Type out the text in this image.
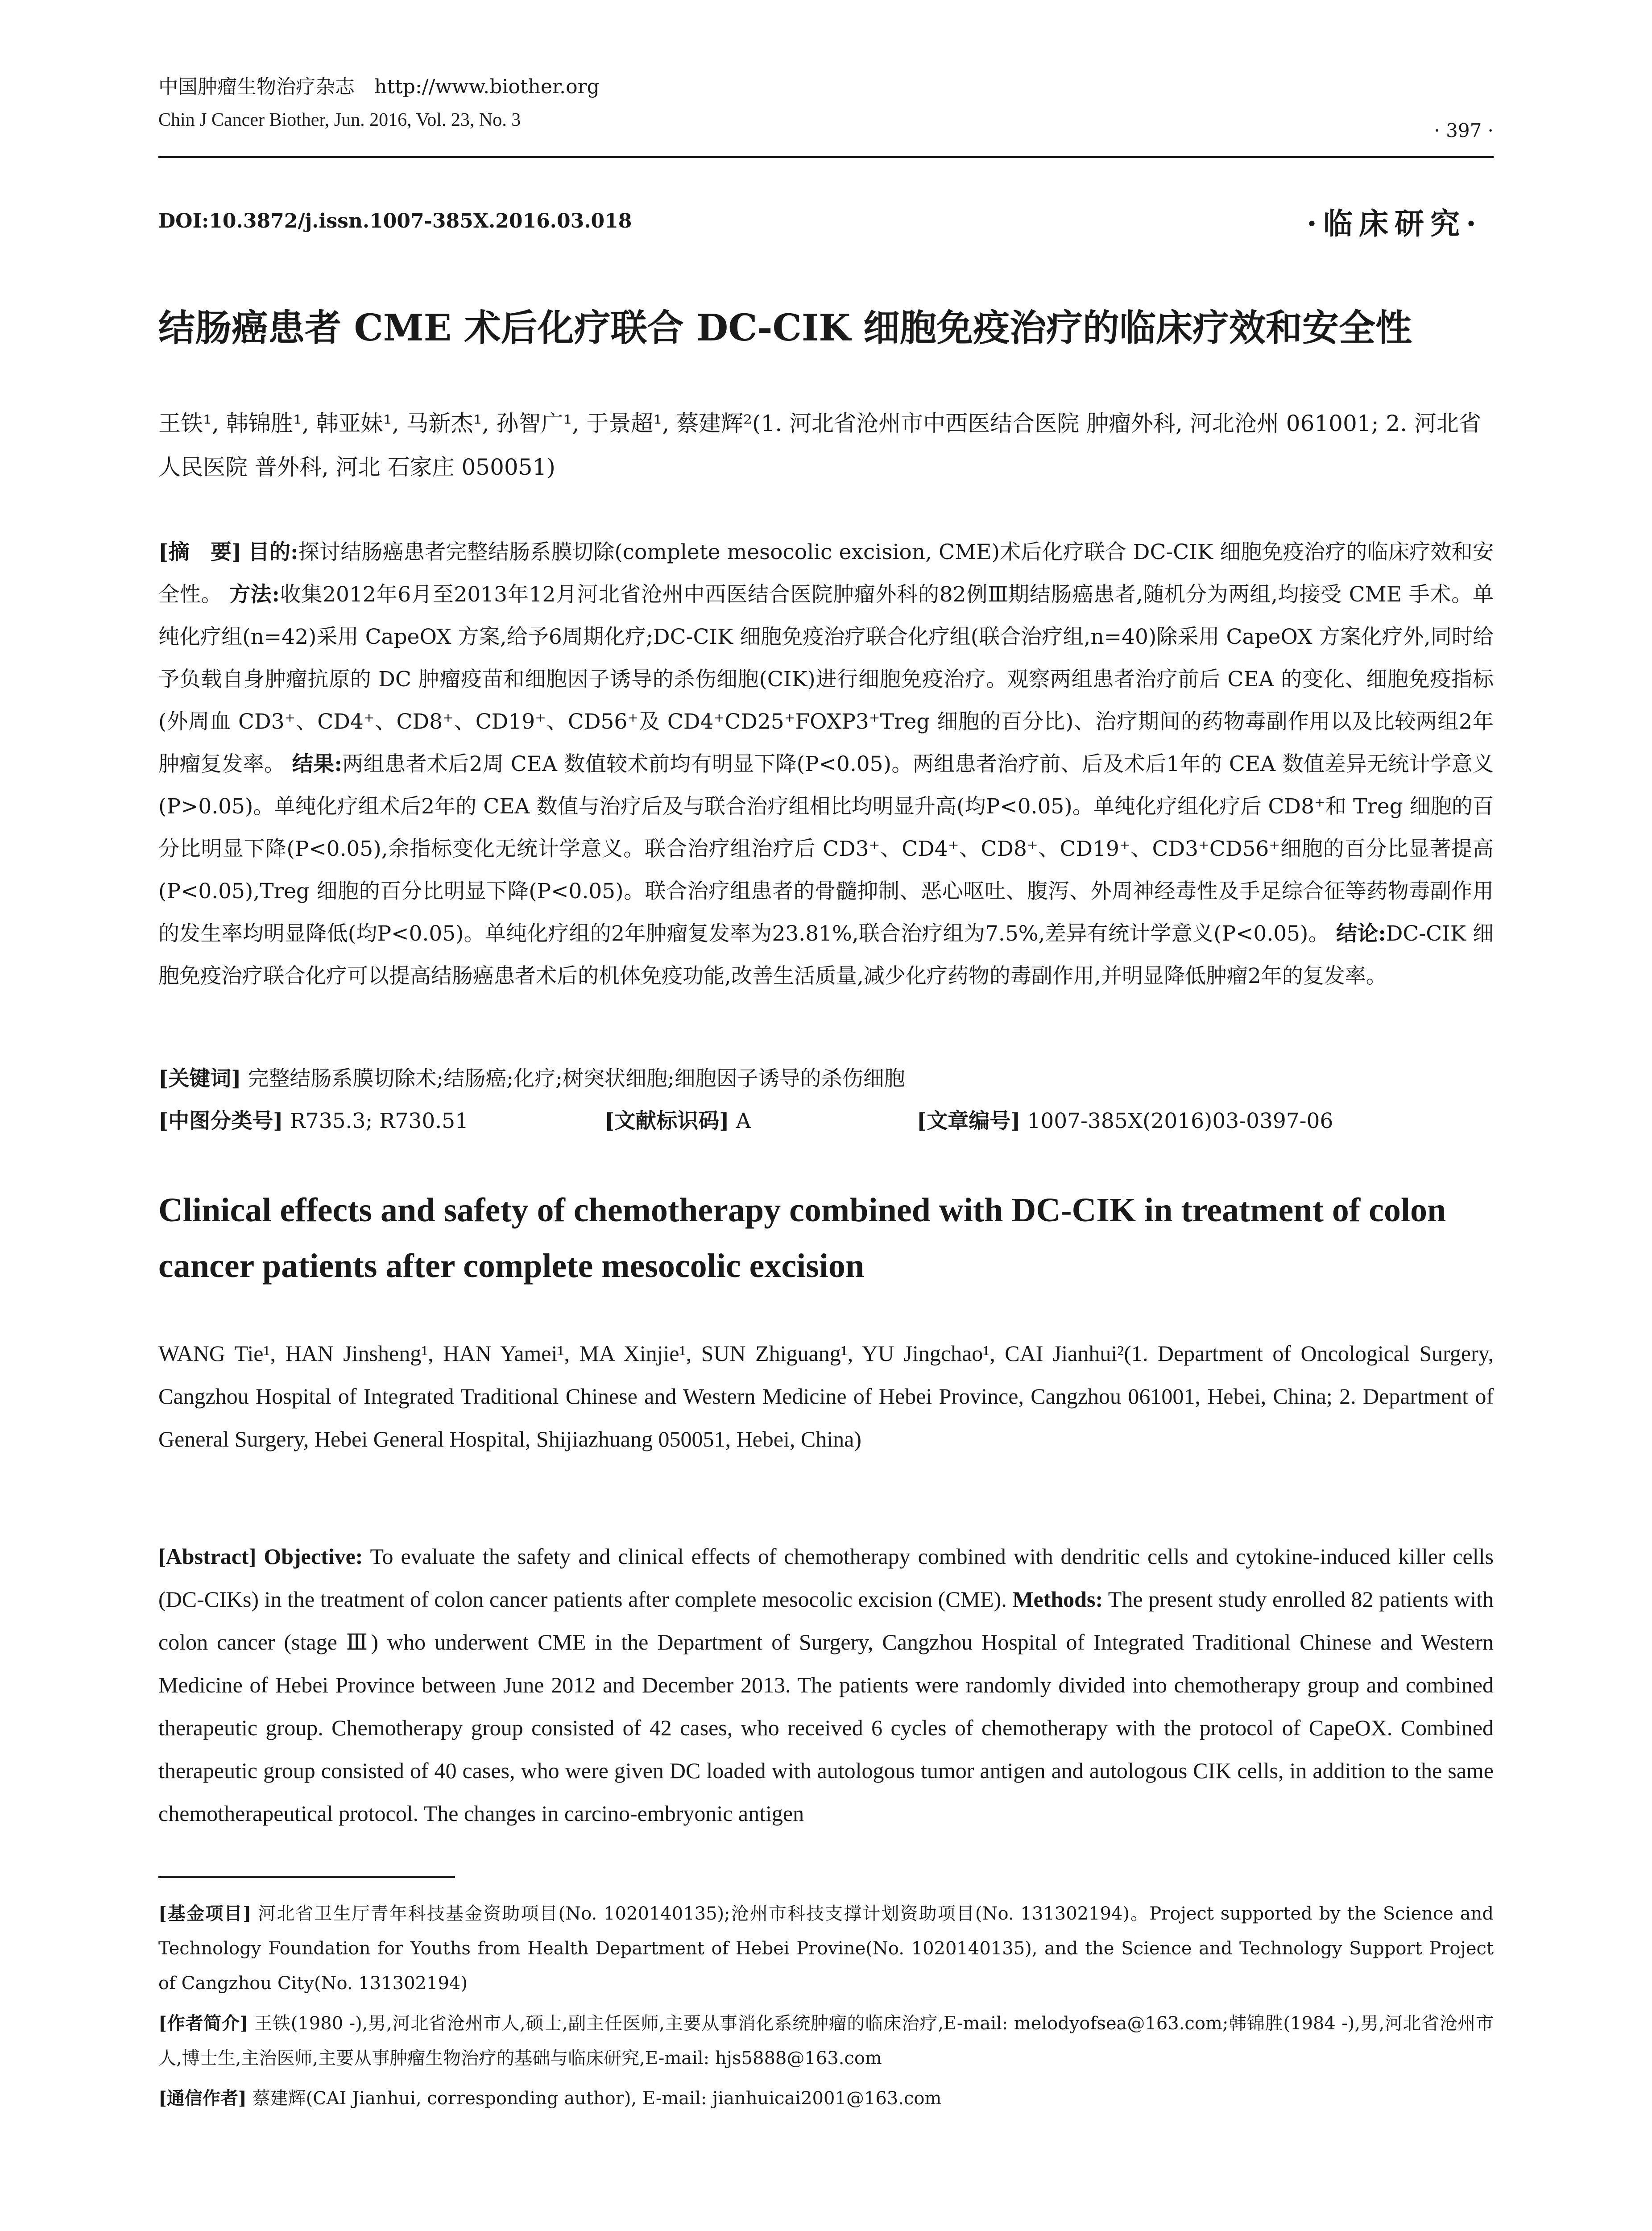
中国肿瘤生物治疗杂志　http://www.biother.org
Chin J Cancer Biother, Jun. 2016, Vol. 23, No. 3	· 397 ·
DOI:10.3872/j.issn.1007-385X.2016.03.018	·临床研究·
结肠癌患者 CME 术后化疗联合 DC-CIK 细胞免疫治疗的临床疗效和安全性
王铁¹, 韩锦胜¹, 韩亚妹¹, 马新杰¹, 孙智广¹, 于景超¹, 蔡建辉²(1. 河北省沧州市中西医结合医院 肿瘤外科, 河北沧州 061001; 2. 河北省人民医院 普外科, 河北 石家庄 050051)
[摘　要] 目的:探讨结肠癌患者完整结肠系膜切除(complete mesocolic excision, CME)术后化疗联合 DC-CIK 细胞免疫治疗的临床疗效和安全性。 方法:收集2012年6月至2013年12月河北省沧州中西医结合医院肿瘤外科的82例Ⅲ期结肠癌患者,随机分为两组,均接受 CME 手术。单纯化疗组(n=42)采用 CapeOX 方案,给予6周期化疗;DC-CIK 细胞免疫治疗联合化疗组(联合治疗组,n=40)除采用 CapeOX 方案化疗外,同时给予负载自身肿瘤抗原的 DC 肿瘤疫苗和细胞因子诱导的杀伤细胞(CIK)进行细胞免疫治疗。观察两组患者治疗前后 CEA 的变化、细胞免疫指标(外周血 CD3⁺、CD4⁺、CD8⁺、CD19⁺、CD56⁺及 CD4⁺CD25⁺FOXP3⁺Treg 细胞的百分比)、治疗期间的药物毒副作用以及比较两组2年肿瘤复发率。 结果:两组患者术后2周 CEA 数值较术前均有明显下降(P<0.05)。两组患者治疗前、后及术后1年的 CEA 数值差异无统计学意义(P>0.05)。单纯化疗组术后2年的 CEA 数值与治疗后及与联合治疗组相比均明显升高(均P<0.05)。单纯化疗组化疗后 CD8⁺和 Treg 细胞的百分比明显下降(P<0.05),余指标变化无统计学意义。联合治疗组治疗后 CD3⁺、CD4⁺、CD8⁺、CD19⁺、CD3⁺CD56⁺细胞的百分比显著提高(P<0.05),Treg 细胞的百分比明显下降(P<0.05)。联合治疗组患者的骨髓抑制、恶心呕吐、腹泻、外周神经毒性及手足综合征等药物毒副作用的发生率均明显降低(均P<0.05)。单纯化疗组的2年肿瘤复发率为23.81%,联合治疗组为7.5%,差异有统计学意义(P<0.05)。 结论:DC-CIK 细胞免疫治疗联合化疗可以提高结肠癌患者术后的机体免疫功能,改善生活质量,减少化疗药物的毒副作用,并明显降低肿瘤2年的复发率。
[关键词] 完整结肠系膜切除术;结肠癌;化疗;树突状细胞;细胞因子诱导的杀伤细胞
[中图分类号] R735.3; R730.51	[文献标识码] A	[文章编号] 1007-385X(2016)03-0397-06
Clinical effects and safety of chemotherapy combined with DC-CIK in treatment of colon cancer patients after complete mesocolic excision
WANG Tie¹, HAN Jinsheng¹, HAN Yamei¹, MA Xinjie¹, SUN Zhiguang¹, YU Jingchao¹, CAI Jianhui²(1. Department of Oncological Surgery, Cangzhou Hospital of Integrated Traditional Chinese and Western Medicine of Hebei Province, Cangzhou 061001, Hebei, China; 2. Department of General Surgery, Hebei General Hospital, Shijiazhuang 050051, Hebei, China)
[Abstract] Objective: To evaluate the safety and clinical effects of chemotherapy combined with dendritic cells and cytokine-induced killer cells (DC-CIKs) in the treatment of colon cancer patients after complete mesocolic excision (CME). Methods: The present study enrolled 82 patients with colon cancer (stage Ⅲ) who underwent CME in the Department of Surgery, Cangzhou Hospital of Integrated Traditional Chinese and Western Medicine of Hebei Province between June 2012 and December 2013. The patients were randomly divided into chemotherapy group and combined therapeutic group. Chemotherapy group consisted of 42 cases, who received 6 cycles of chemotherapy with the protocol of CapeOX. Combined therapeutic group consisted of 40 cases, who were given DC loaded with autologous tumor antigen and autologous CIK cells, in addition to the same chemotherapeutical protocol. The changes in carcino-embryonic antigen

[基金项目] 河北省卫生厅青年科技基金资助项目(No. 1020140135);沧州市科技支撑计划资助项目(No. 131302194)。Project supported by the Science and Technology Foundation for Youths from Health Department of Hebei Provine(No. 1020140135), and the Science and Technology Support Project of Cangzhou City(No. 131302194)

[作者简介] 王铁(1980 -),男,河北省沧州市人,硕士,副主任医师,主要从事消化系统肿瘤的临床治疗,E-mail: melodyofsea@163.com;韩锦胜(1984 -),男,河北省沧州市人,博士生,主治医师,主要从事肿瘤生物治疗的基础与临床研究,E-mail: hjs5888@163.com

[通信作者] 蔡建辉(CAI Jianhui, corresponding author), E-mail: jianhuicai2001@163.com
